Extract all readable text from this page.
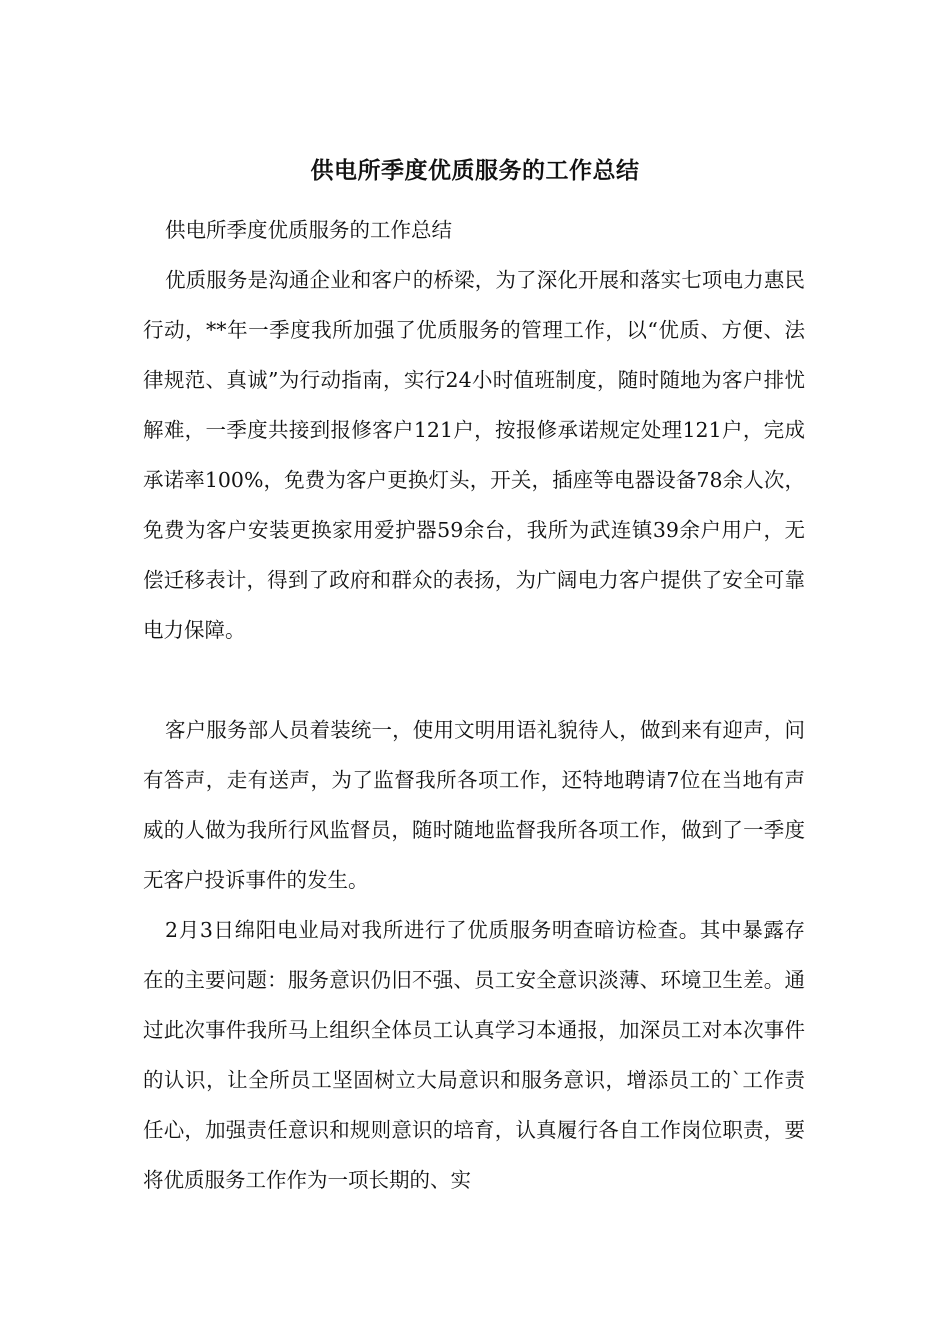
供电所季度优质服务的工作总结

供电所季度优质服务的工作总结

优质服务是沟通企业和客户的桥梁，为了深化开展和落实七项电力惠民行动，**年一季度我所加强了优质服务的管理工作，以“优质、方便、法律规范、真诚”为行动指南，实行24小时值班制度，随时随地为客户排忧解难，一季度共接到报修客户121户，按报修承诺规定处理121户，完成承诺率100%，免费为客户更换灯头，开关，插座等电器设备78余人次，免费为客户安装更换家用爱护器59余台，我所为武连镇39余户用户，无偿迁移表计，得到了政府和群众的表扬，为广阔电力客户提供了安全可靠电力保障。

客户服务部人员着装统一，使用文明用语礼貌待人，做到来有迎声，问有答声，走有送声，为了监督我所各项工作，还特地聘请7位在当地有声威的人做为我所行风监督员，随时随地监督我所各项工作，做到了一季度无客户投诉事件的发生。

2月3日绵阳电业局对我所进行了优质服务明查暗访检查。其中暴露存在的主要问题：服务意识仍旧不强、员工安全意识淡薄、环境卫生差。通过此次事件我所马上组织全体员工认真学习本通报，加深员工对本次事件的认识，让全所员工坚固树立大局意识和服务意识，增添员工的`工作责任心，加强责任意识和规则意识的培育，认真履行各自工作岗位职责，要将优质服务工作作为一项长期的、实
